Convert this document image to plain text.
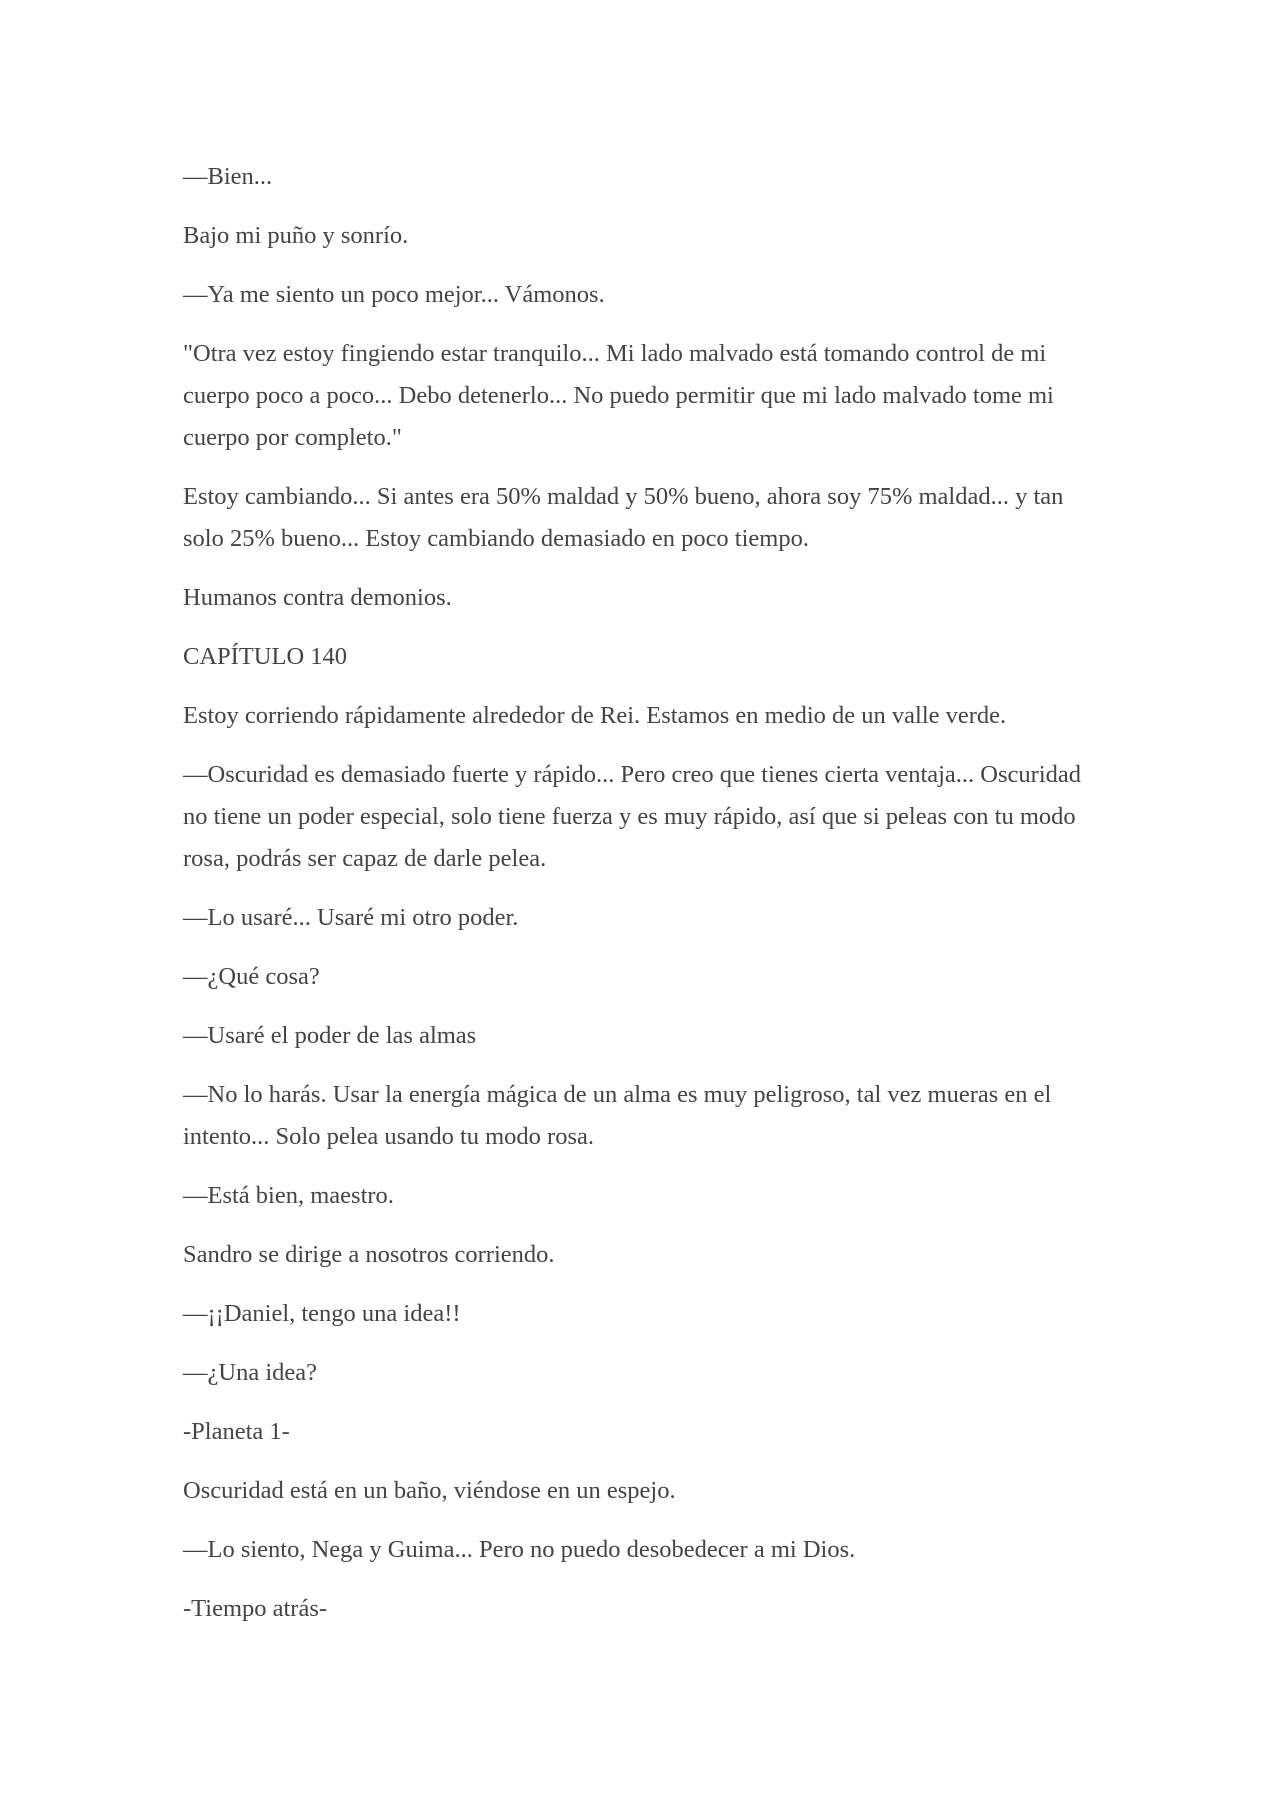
—Bien...

Bajo mi puño y sonrío.

—Ya me siento un poco mejor... Vámonos.

"Otra vez estoy fingiendo estar tranquilo... Mi lado malvado está tomando control de mi cuerpo poco a poco... Debo detenerlo... No puedo permitir que mi lado malvado tome mi cuerpo por completo."

Estoy cambiando... Si antes era 50% maldad y 50% bueno, ahora soy 75% maldad... y tan solo 25% bueno... Estoy cambiando demasiado en poco tiempo.

Humanos contra demonios.

CAPÍTULO 140

Estoy corriendo rápidamente alrededor de Rei. Estamos en medio de un valle verde.

—Oscuridad es demasiado fuerte y rápido... Pero creo que tienes cierta ventaja... Oscuridad no tiene un poder especial, solo tiene fuerza y es muy rápido, así que si peleas con tu modo rosa, podrás ser capaz de darle pelea.

—Lo usaré... Usaré mi otro poder.

—¿Qué cosa?

—Usaré el poder de las almas

—No lo harás. Usar la energía mágica de un alma es muy peligroso, tal vez mueras en el intento... Solo pelea usando tu modo rosa.

—Está bien, maestro.

Sandro se dirige a nosotros corriendo.

—¡¡Daniel, tengo una idea!!

—¿Una idea?

-Planeta 1-

Oscuridad está en un baño, viéndose en un espejo.

—Lo siento, Nega y Guima... Pero no puedo desobedecer a mi Dios.

-Tiempo atrás-
